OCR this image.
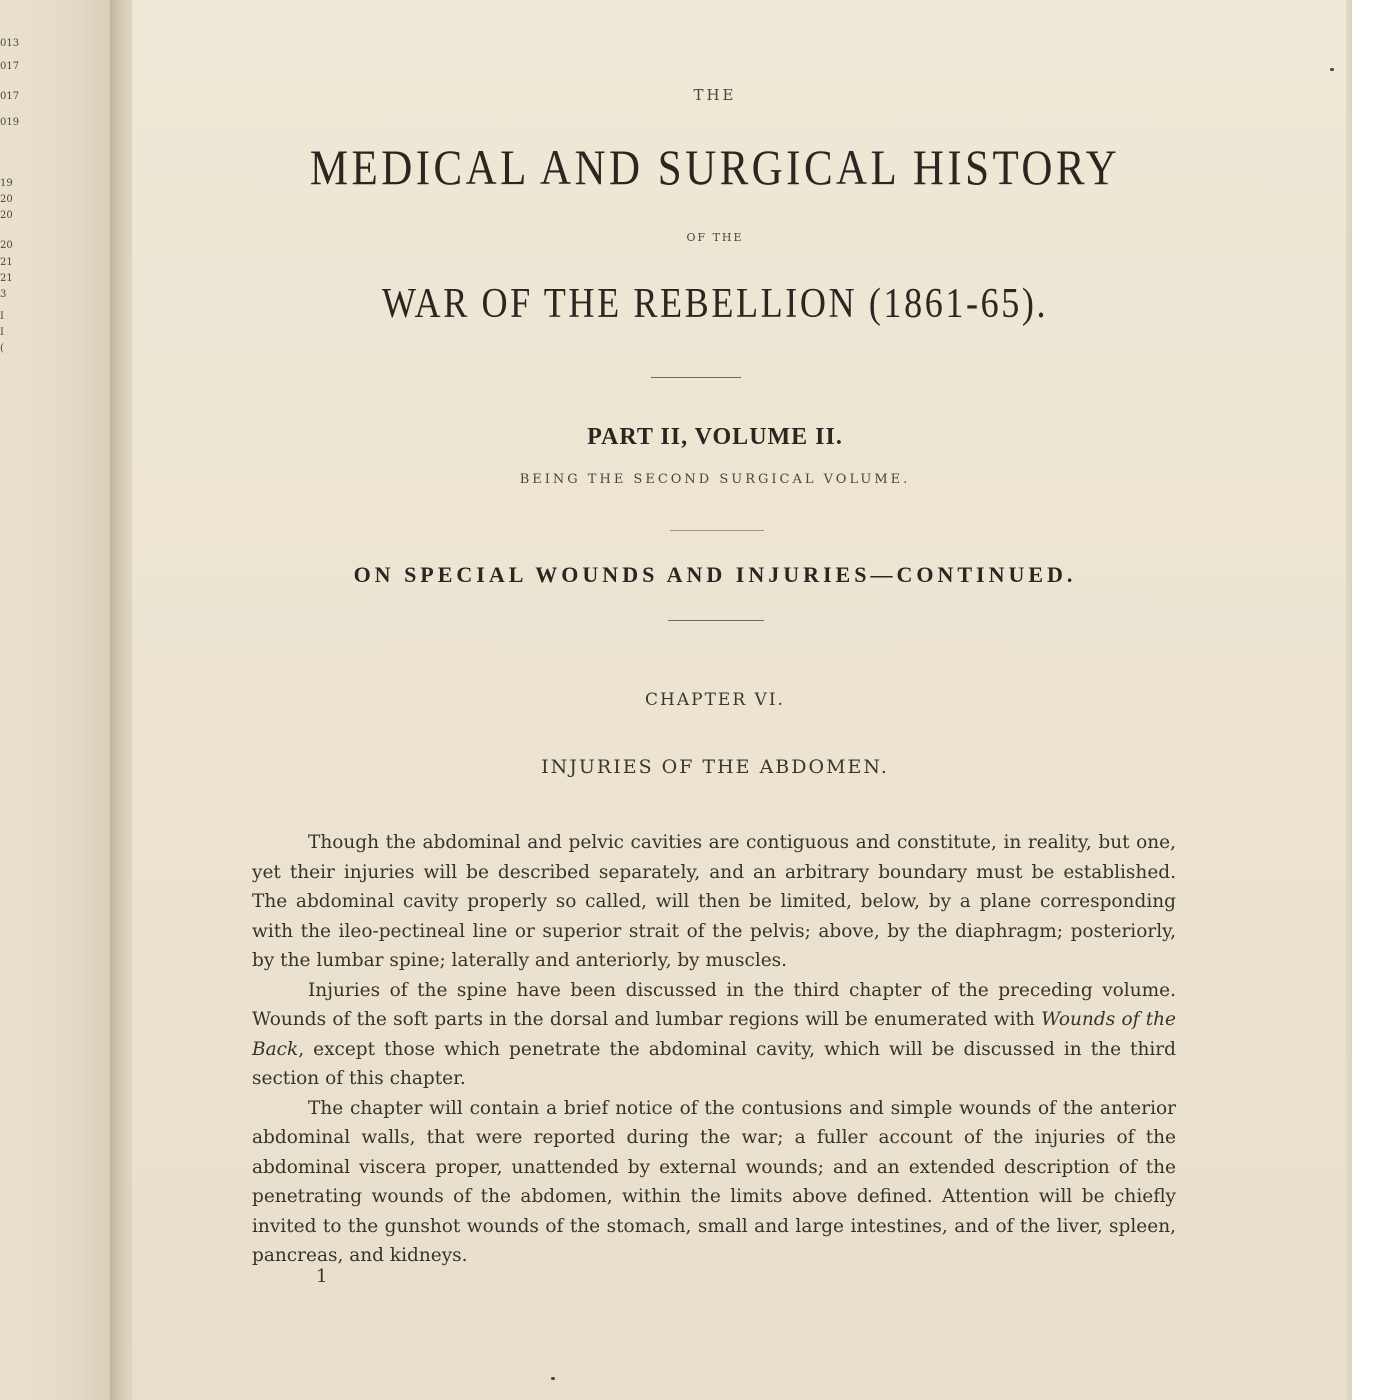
013
017
017
019
19
20
20
20
21
21
3
I
I
(
THE
MEDICAL AND SURGICAL HISTORY
OF THE
WAR OF THE REBELLION (1861-65).
PART II, VOLUME II.
BEING THE SECOND SURGICAL VOLUME.
ON SPECIAL WOUNDS AND INJURIES—CONTINUED.
CHAPTER VI.
INJURIES OF THE ABDOMEN.

Though the abdominal and pelvic cavities are contiguous and constitute, in reality, but one, yet their injuries will be described separately, and an arbitrary boundary must be established. The abdominal cavity properly so called, will then be limited, below, by a plane corresponding with the ileo-pectineal line or superior strait of the pelvis; above, by the diaphragm; posteriorly, by the lumbar spine; laterally and anteriorly, by muscles.

Injuries of the spine have been discussed in the third chapter of the preceding volume. Wounds of the soft parts in the dorsal and lumbar regions will be enumerated with Wounds of the Back, except those which penetrate the abdominal cavity, which will be discussed in the third section of this chapter.

The chapter will contain a brief notice of the contusions and simple wounds of the anterior abdominal walls, that were reported during the war; a fuller account of the injuries of the abdominal viscera proper, unattended by external wounds; and an extended description of the penetrating wounds of the abdomen, within the limits above defined. Attention will be chiefly invited to the gunshot wounds of the stomach, small and large intestines, and of the liver, spleen, pancreas, and kidneys.

1
